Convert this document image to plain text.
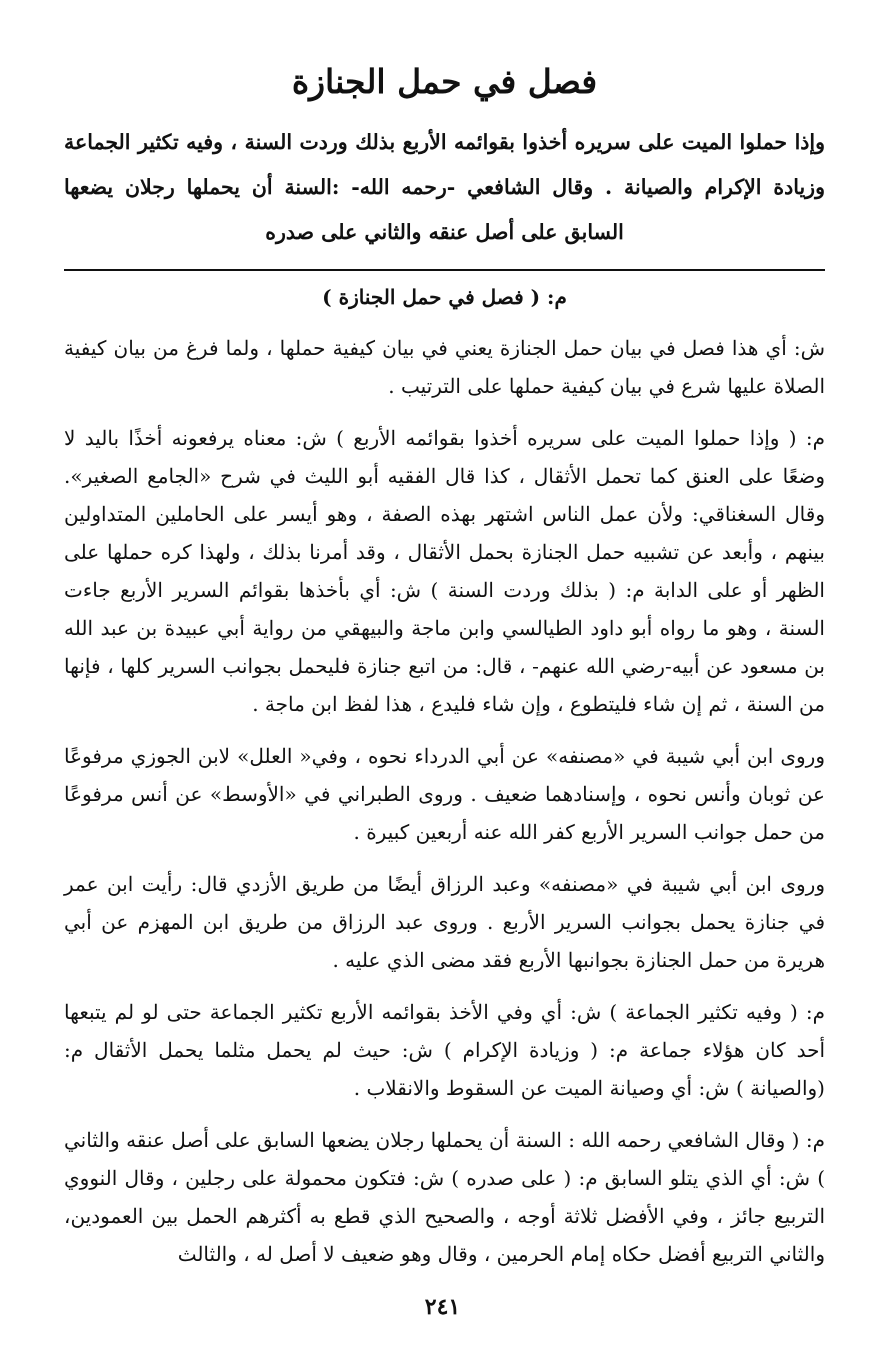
فصل في حمل الجنازة

وإذا حملوا الميت على سريره أخذوا بقوائمه الأربع بذلك وردت السنة ، وفيه تكثير الجماعة وزيادة الإكرام والصيانة . وقال الشافعي -رحمه الله- :السنة أن يحملها رجلان يضعها السابق على أصل عنقه والثاني على صدره

م: ( فصل في حمل الجنازة )

ش: أي هذا فصل في بيان حمل الجنازة يعني في بيان كيفية حملها ، ولما فرغ من بيان كيفية الصلاة عليها شرع في بيان كيفية حملها على الترتيب .

م: ( وإذا حملوا الميت على سريره أخذوا بقوائمه الأربع ) ش: معناه يرفعونه أخذًا باليد لا وضعًا على العنق كما تحمل الأثقال ، كذا قال الفقيه أبو الليث في شرح «الجامع الصغير». وقال السغناقي: ولأن عمل الناس اشتهر بهذه الصفة ، وهو أيسر على الحاملين المتداولين بينهم ، وأبعد عن تشبيه حمل الجنازة بحمل الأثقال ، وقد أمرنا بذلك ، ولهذا كره حملها على الظهر أو على الدابة م: ( بذلك وردت السنة ) ش: أي بأخذها بقوائم السرير الأربع جاءت السنة ، وهو ما رواه أبو داود الطيالسي وابن ماجة والبيهقي من رواية أبي عبيدة بن عبد الله بن مسعود عن أبيه-رضي الله عنهم- ، قال: من اتبع جنازة فليحمل بجوانب السرير كلها ، فإنها من السنة ، ثم إن شاء فليتطوع ، وإن شاء فليدع ، هذا لفظ ابن ماجة .

وروى ابن أبي شيبة في «مصنفه» عن أبي الدرداء نحوه ، وفي« العلل» لابن الجوزي مرفوعًا عن ثوبان وأنس نحوه ، وإسنادهما ضعيف . وروى الطبراني في «الأوسط» عن أنس مرفوعًا من حمل جوانب السرير الأربع كفر الله عنه أربعين كبيرة .

وروى ابن أبي شيبة في «مصنفه» وعبد الرزاق أيضًا من طريق الأزدي قال: رأيت ابن عمر في جنازة يحمل بجوانب السرير الأربع . وروى عبد الرزاق من طريق ابن المهزم عن أبي هريرة من حمل الجنازة بجوانبها الأربع فقد مضى الذي عليه .

م: ( وفيه تكثير الجماعة ) ش: أي وفي الأخذ بقوائمه الأربع تكثير الجماعة حتى لو لم يتبعها أحد كان هؤلاء جماعة م: ( وزيادة الإكرام ) ش: حيث لم يحمل مثلما يحمل الأثقال م: (والصيانة ) ش: أي وصيانة الميت عن السقوط والانقلاب .

م: ( وقال الشافعي رحمه الله : السنة أن يحملها رجلان يضعها السابق على أصل عنقه والثاني ) ش: أي الذي يتلو السابق م: ( على صدره ) ش: فتكون محمولة على رجلين ، وقال النووي التربيع جائز ، وفي الأفضل ثلاثة أوجه ، والصحيح الذي قطع به أكثرهم الحمل بين العمودين، والثاني التربيع أفضل حكاه إمام الحرمين ، وقال وهو ضعيف لا أصل له ، والثالث

٢٤١
